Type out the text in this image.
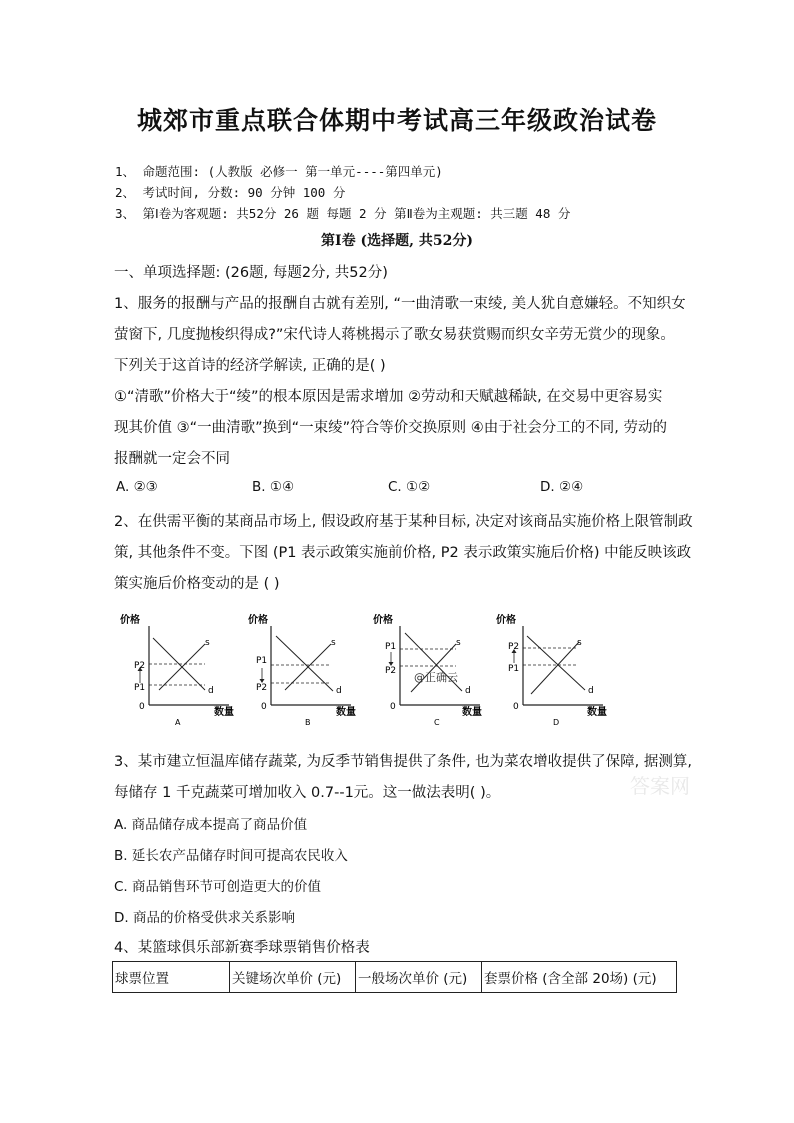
城郊市重点联合体期中考试高三年级政治试卷
1、 命题范围: (人教版 必修一 第一单元----第四单元)
2、 考试时间, 分数: 90 分钟 100 分
3、 第Ⅰ卷为客观题: 共52分 26 题 每题 2 分 第Ⅱ卷为主观题: 共三题 48 分
第Ⅰ卷 (选择题, 共52分)
一、单项选择题: (26题, 每题2分, 共52分)
1、服务的报酬与产品的报酬自古就有差别, “一曲清歌一束绫, 美人犹自意嫌轻。不知织女
萤窗下, 几度抛梭织得成?”宋代诗人蒋桃揭示了歌女易获赏赐而织女辛劳无赏少的现象。
下列关于这首诗的经济学解读, 正确的是( )
①“清歌”价格大于“绫”的根本原因是需求增加 ②劳动和天赋越稀缺, 在交易中更容易实
现其价值 ③“一曲清歌”换到“一束绫”符合等价交换原则 ④由于社会分工的不同, 劳动的
报酬就一定会不同
A. ②③	B. ①④	C. ①②	D. ②④
2、在供需平衡的某商品市场上, 假设政府基于某种目标, 决定对该商品实施价格上限管制政
策, 其他条件不变。下图 (P1 表示政策实施前价格, P2 表示政策实施后价格) 中能反映该政
策实施后价格变动的是 ( )
价格
P2
P1
s
d
0	数量
A
价格
P1
P2
s
d
0	数量
B
价格
P1
P2
s
d
0	数量
C
价格
P2
P1
s
d
0	数量
D
@正确云
答案网
3、某市建立恒温库储存蔬菜, 为反季节销售提供了条件, 也为菜农增收提供了保障, 据测算,
每储存 1 千克蔬菜可增加收入 0.7--1元。这一做法表明( )。
A. 商品储存成本提高了商品价值
B. 延长农产品储存时间可提高农民收入
C. 商品销售环节可创造更大的价值
D. 商品的价格受供求关系影响
4、某篮球俱乐部新赛季球票销售价格表
球票位置	关键场次单价 (元)	一般场次单价 (元)	套票价格 (含全部 20场) (元)
